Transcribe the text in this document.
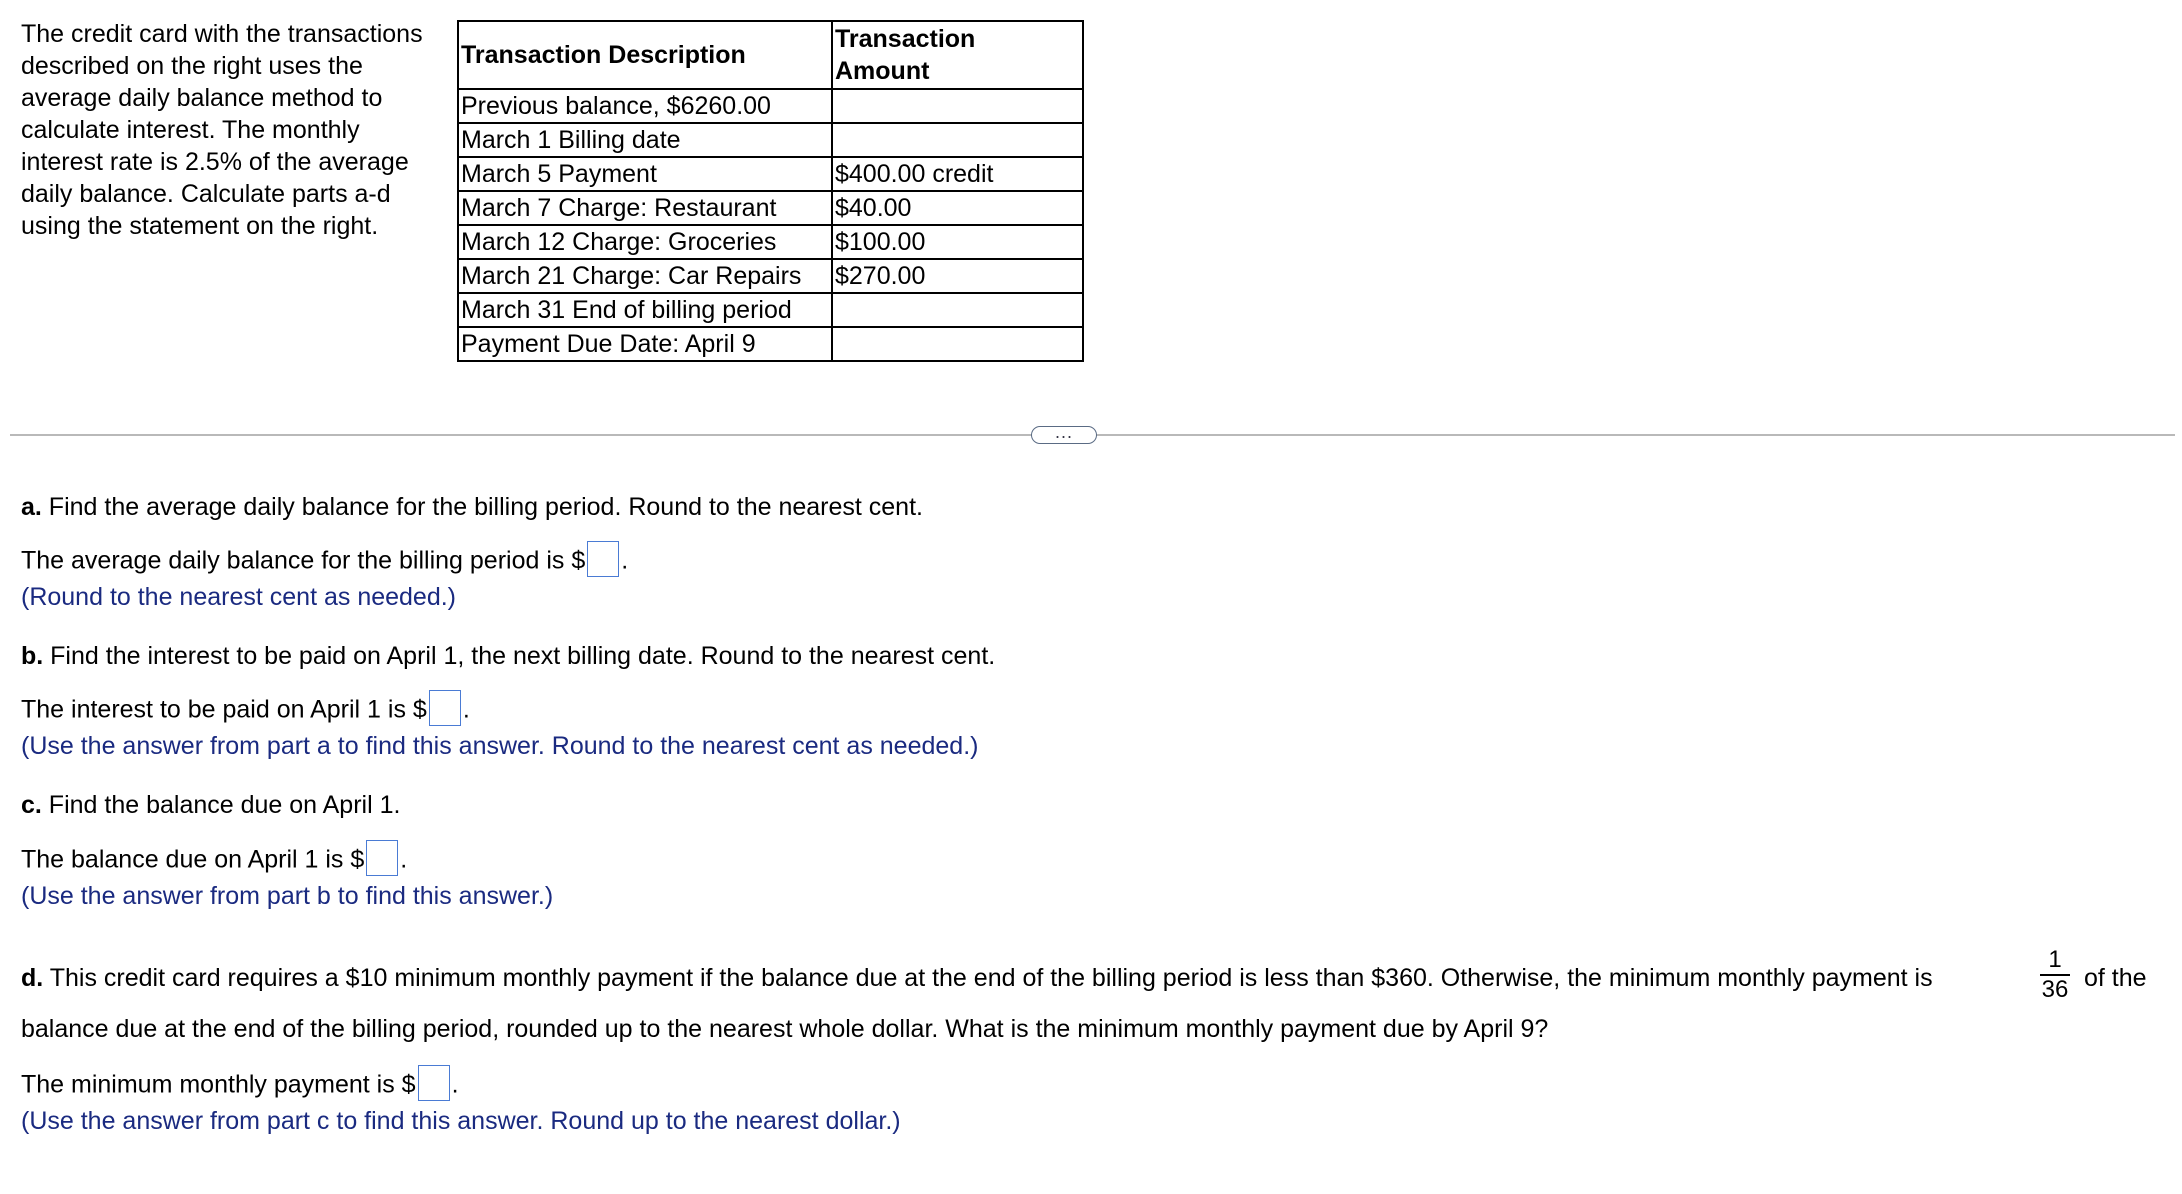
The credit card with the transactions described on the right uses the average daily balance method to calculate interest. The monthly interest rate is 2.5% of the average daily balance. Calculate parts a-d using the statement on the right.
Transaction Description	Transaction
Amount
Previous balance, $6260.00	
March 1 Billing date	
March 5 Payment	$400.00 credit
March 7 Charge: Restaurant	$40.00
March 12 Charge: Groceries	$100.00
March 21 Charge: Car Repairs	$270.00
March 31 End of billing period	
Payment Due Date: April 9	
...
a. Find the average daily balance for the billing period. Round to the nearest cent.
The average daily balance for the billing period is $ .
(Round to the nearest cent as needed.)
b. Find the interest to be paid on April 1, the next billing date. Round to the nearest cent.
The interest to be paid on April 1 is $ .
(Use the answer from part a to find this answer. Round to the nearest cent as needed.)
c. Find the balance due on April 1.
The balance due on April 1 is $ .
(Use the answer from part b to find this answer.)
d. This credit card requires a $10 minimum monthly payment if the balance due at the end of the billing period is less than $360. Otherwise, the minimum monthly payment is
1
36 of the
balance due at the end of the billing period, rounded up to the nearest whole dollar. What is the minimum monthly payment due by April 9?
The minimum monthly payment is $ .
(Use the answer from part c to find this answer. Round up to the nearest dollar.)
